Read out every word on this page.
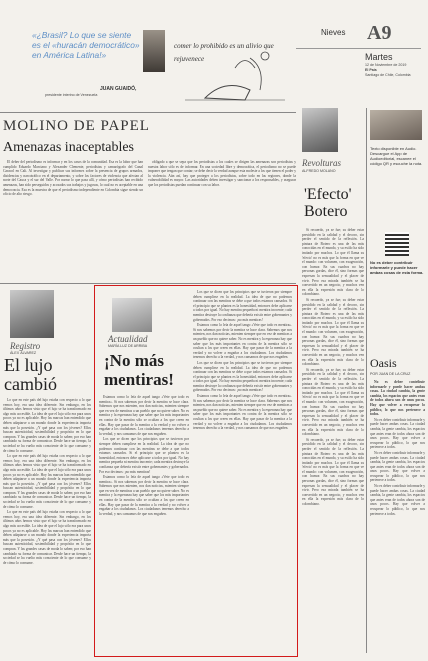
Nieves A9
Martes
12 de Noviembre de 2019
El País
Santiago de Chile, Colombia
«¿Brasil? Lo que se siente es el «huracán democrático» en América Latina!»
JUAN GUAIDÓ,
presidente interino de Venezuela
comer lo prohibido es un alivio que rejuvenece
MOLINO DE PAPEL
Amenazas inaceptables

El deber del periodismo es informar y en los casos de la comunidad. Esa es la labor que han cumplido Eduardo Marciano y Alexander Clemente, periodistas y camarógrafo del Canal Caracol en Cali. Al investigar y publicar sus informes sobre la presencia de grupos armados, disidencias y narcotráfico en el departamento, y sobre los factores de violencia que afectan al norte del Cauca y el sur del Valle. Por narrar lo que pasa allí, y cómo periodistas han recibido amenazas, han sido perseguidos y acosados sus trabajos y jugosas, lo cual no es aceptable en una democracia. Esa es la muestra de que el periodismo independiente en Colombia sigue siendo un oficio de alto riesgo.

obligado a que se sepa que los periodistas a los cuales se dirigen las amenazas son periodistas y nuestra labor sólo es de informar. En una sociedad libre y democrática, el periodismo no se puede imponer que tengan que contar; se debe decir la verdad aunque esta moleste a los que tienen el poder y la violencia. Aún así, hay que proteger a los periodistas, sobre todo en las regiones, donde la vulnerabilidad es mayor. Las autoridades deben investigar y sancionar a los responsables, y asegurar que los periodistas puedan continuar con su labor.

Revolturas
ALFREDO MOLANO
'Efecto' Botero

Si recuerdo, ya se fue; su deber estar presidido en la calidad y el decoro, sin perder el sentido de la reflexión. La pintura de Botero es una de las más conocidas en el mundo, y su estilo ha sido imitado por muchos. Lo que él llama su 'efecto' no es más que la forma en que ve el mundo: con volumen, con exageración, con humor. En sus cuadros no hay personas gordas, dice él, sino formas que expresan la sensualidad y el placer de vivir. Pero esa mirada también se ha convertido en un negocio, y muchos ven en ella la expresión más clara de lo colombiano.

Si recuerdo, ya se fue; su deber estar presidido en la calidad y el decoro, sin perder el sentido de la reflexión. La pintura de Botero es una de las más conocidas en el mundo, y su estilo ha sido imitado por muchos. Lo que él llama su 'efecto' no es más que la forma en que ve el mundo: con volumen, con exageración, con humor. En sus cuadros no hay personas gordas, dice él, sino formas que expresan la sensualidad y el placer de vivir. Pero esa mirada también se ha convertido en un negocio, y muchos ven en ella la expresión más clara de lo colombiano.

Si recuerdo, ya se fue; su deber estar presidido en la calidad y el decoro, sin perder el sentido de la reflexión. La pintura de Botero es una de las más conocidas en el mundo, y su estilo ha sido imitado por muchos. Lo que él llama su 'efecto' no es más que la forma en que ve el mundo: con volumen, con exageración, con humor. En sus cuadros no hay personas gordas, dice él, sino formas que expresan la sensualidad y el placer de vivir. Pero esa mirada también se ha convertido en un negocio, y muchos ven en ella la expresión más clara de lo colombiano.

Si recuerdo, ya se fue; su deber estar presidido en la calidad y el decoro, sin perder el sentido de la reflexión. La pintura de Botero es una de las más conocidas en el mundo, y su estilo ha sido imitado por muchos. Lo que él llama su 'efecto' no es más que la forma en que ve el mundo: con volumen, con exageración, con humor. En sus cuadros no hay personas gordas, dice él, sino formas que expresan la sensualidad y el placer de vivir. Pero esa mirada también se ha convertido en un negocio, y muchos ven en ella la expresión más clara de lo colombiano.

Texto disponible en Audio. Descargue el App de Audioeditorial, escanee el código QR y escuche la nota.
No es deber contribuir informarle y puede hacer ambas cosas de esta forma.
Oasis
POR JUAN DE LA CRUZ

No es deber contribuir informarle y puede hacer ambas cosas. La ciudad cambia, la gente cambia, los espacios que antes eran de todos ahora son de unos pocos. Hay que volver a recuperar lo público, lo que nos pertenece a todos.

No es deber contribuir informarle y puede hacer ambas cosas. La ciudad cambia, la gente cambia, los espacios que antes eran de todos ahora son de unos pocos. Hay que volver a recuperar lo público, lo que nos pertenece a todos.

No es deber contribuir informarle y puede hacer ambas cosas. La ciudad cambia, la gente cambia, los espacios que antes eran de todos ahora son de unos pocos. Hay que volver a recuperar lo público, lo que nos pertenece a todos.

No es deber contribuir informarle y puede hacer ambas cosas. La ciudad cambia, la gente cambia, los espacios que antes eran de todos ahora son de unos pocos. Hay que volver a recuperar lo público, lo que nos pertenece a todos.

Registro
ÁLEX ÁLVAREZ
El lujo cambió

Lo que en este país del lujo estaba con respecto a lo que vemos hoy, era una idea diferente. Sin embargo, en los últimos años hemos visto que el lujo se ha transformado en algo más accesible. La idea de que el lujo sólo era para unos pocos ya no es aplicable. Hoy las marcas han entendido que deben adaptarse a un mundo donde la experiencia importa más que la posesión. ¿Y qué pasa con los jóvenes? Ellos buscan autenticidad, sostenibilidad y propósito en lo que compran. Y las grandes casas de moda lo saben; por eso han cambiado su forma de comunicar. Desde hace un tiempo, la sociedad se ha vuelto más consciente de lo que consume y de cómo lo consume.

Lo que en este país del lujo estaba con respecto a lo que vemos hoy, era una idea diferente. Sin embargo, en los últimos años hemos visto que el lujo se ha transformado en algo más accesible. La idea de que el lujo sólo era para unos pocos ya no es aplicable. Hoy las marcas han entendido que deben adaptarse a un mundo donde la experiencia importa más que la posesión. ¿Y qué pasa con los jóvenes? Ellos buscan autenticidad, sostenibilidad y propósito en lo que compran. Y las grandes casas de moda lo saben; por eso han cambiado su forma de comunicar. Desde hace un tiempo, la sociedad se ha vuelto más consciente de lo que consume y de cómo lo consume.

Lo que en este país del lujo estaba con respecto a lo que vemos hoy, era una idea diferente. Sin embargo, en los últimos años hemos visto que el lujo se ha transformado en algo más accesible. La idea de que el lujo sólo era para unos pocos ya no es aplicable. Hoy las marcas han entendido que deben adaptarse a un mundo donde la experiencia importa más que la posesión. ¿Y qué pasa con los jóvenes? Ellos buscan autenticidad, sostenibilidad y propósito en lo que compran. Y las grandes casas de moda lo saben; por eso han cambiado su forma de comunicar. Desde hace un tiempo, la sociedad se ha vuelto más consciente de lo que consume y de cómo lo consume.

Actualidad
MARÍA LUZ DE ARRIBA
¡No más mentiras!

Estamos como lo leía de aquel tango «Vete que todo es mentira». Si nos sabemos por decir la mentira se hace clara. Sabemos que nos mienten, nos dan noticias, mienten siempre que en vez de mentiras a un pueblo que no quiere saber. No es mentira y la esperanza hay que saber que los más importantes en contra de la mentira sólo se ocultan a los que creen en ellas. Hay que pasar de la mentira a la verdad y no volver a engañar a los ciudadanos. Los ciudadanos tenemos derecho a la verdad, y nos cansamos de que nos engañen.

Los que se dicen que los principios que se tuvieron por siempre deben cumplirse en la realidad. La idea de que no podemos continuar con las mentiras se debe a que todos estamos cansados. Si el principio que se plantea es la honestidad, entonces debe aplicarse a todos por igual. No hay mentira pequeña ni mentira inocente; cada mentira destruye la confianza que debería existir entre gobernantes y gobernados. Por eso decimos: ¡no más mentiras!

Estamos como lo leía de aquel tango «Vete que todo es mentira». Si nos sabemos por decir la mentira se hace clara. Sabemos que nos mienten, nos dan noticias, mienten siempre que en vez de mentiras a un pueblo que no quiere saber. No es mentira y la esperanza hay que saber que los más importantes en contra de la mentira sólo se ocultan a los que creen en ellas. Hay que pasar de la mentira a la verdad y no volver a engañar a los ciudadanos. Los ciudadanos tenemos derecho a la verdad, y nos cansamos de que nos engañen.

Los que se dicen que los principios que se tuvieron por siempre deben cumplirse en la realidad. La idea de que no podemos continuar con las mentiras se debe a que todos estamos cansados. Si el principio que se plantea es la honestidad, entonces debe aplicarse a todos por igual. No hay mentira pequeña ni mentira inocente; cada mentira destruye la confianza que debería existir entre gobernantes y gobernados. Por eso decimos: ¡no más mentiras!

Estamos como lo leía de aquel tango «Vete que todo es mentira». Si nos sabemos por decir la mentira se hace clara. Sabemos que nos mienten, nos dan noticias, mienten siempre que en vez de mentiras a un pueblo que no quiere saber. No es mentira y la esperanza hay que saber que los más importantes en contra de la mentira sólo se ocultan a los que creen en ellas. Hay que pasar de la mentira a la verdad y no volver a engañar a los ciudadanos. Los ciudadanos tenemos derecho a la verdad, y nos cansamos de que nos engañen.

Los que se dicen que los principios que se tuvieron por siempre deben cumplirse en la realidad. La idea de que no podemos continuar con las mentiras se debe a que todos estamos cansados. Si el principio que se plantea es la honestidad, entonces debe aplicarse a todos por igual. No hay mentira pequeña ni mentira inocente; cada mentira destruye la confianza que debería existir entre gobernantes y gobernados. Por eso decimos: ¡no más mentiras!

Estamos como lo leía de aquel tango «Vete que todo es mentira». Si nos sabemos por decir la mentira se hace clara. Sabemos que nos mienten, nos dan noticias, mienten siempre que en vez de mentiras a un pueblo que no quiere saber. No es mentira y la esperanza hay que saber que los más importantes en contra de la mentira sólo se ocultan a los que creen en ellas. Hay que pasar de la mentira a la verdad y no volver a engañar a los ciudadanos. Los ciudadanos tenemos derecho a la verdad, y nos cansamos de que nos engañen.
